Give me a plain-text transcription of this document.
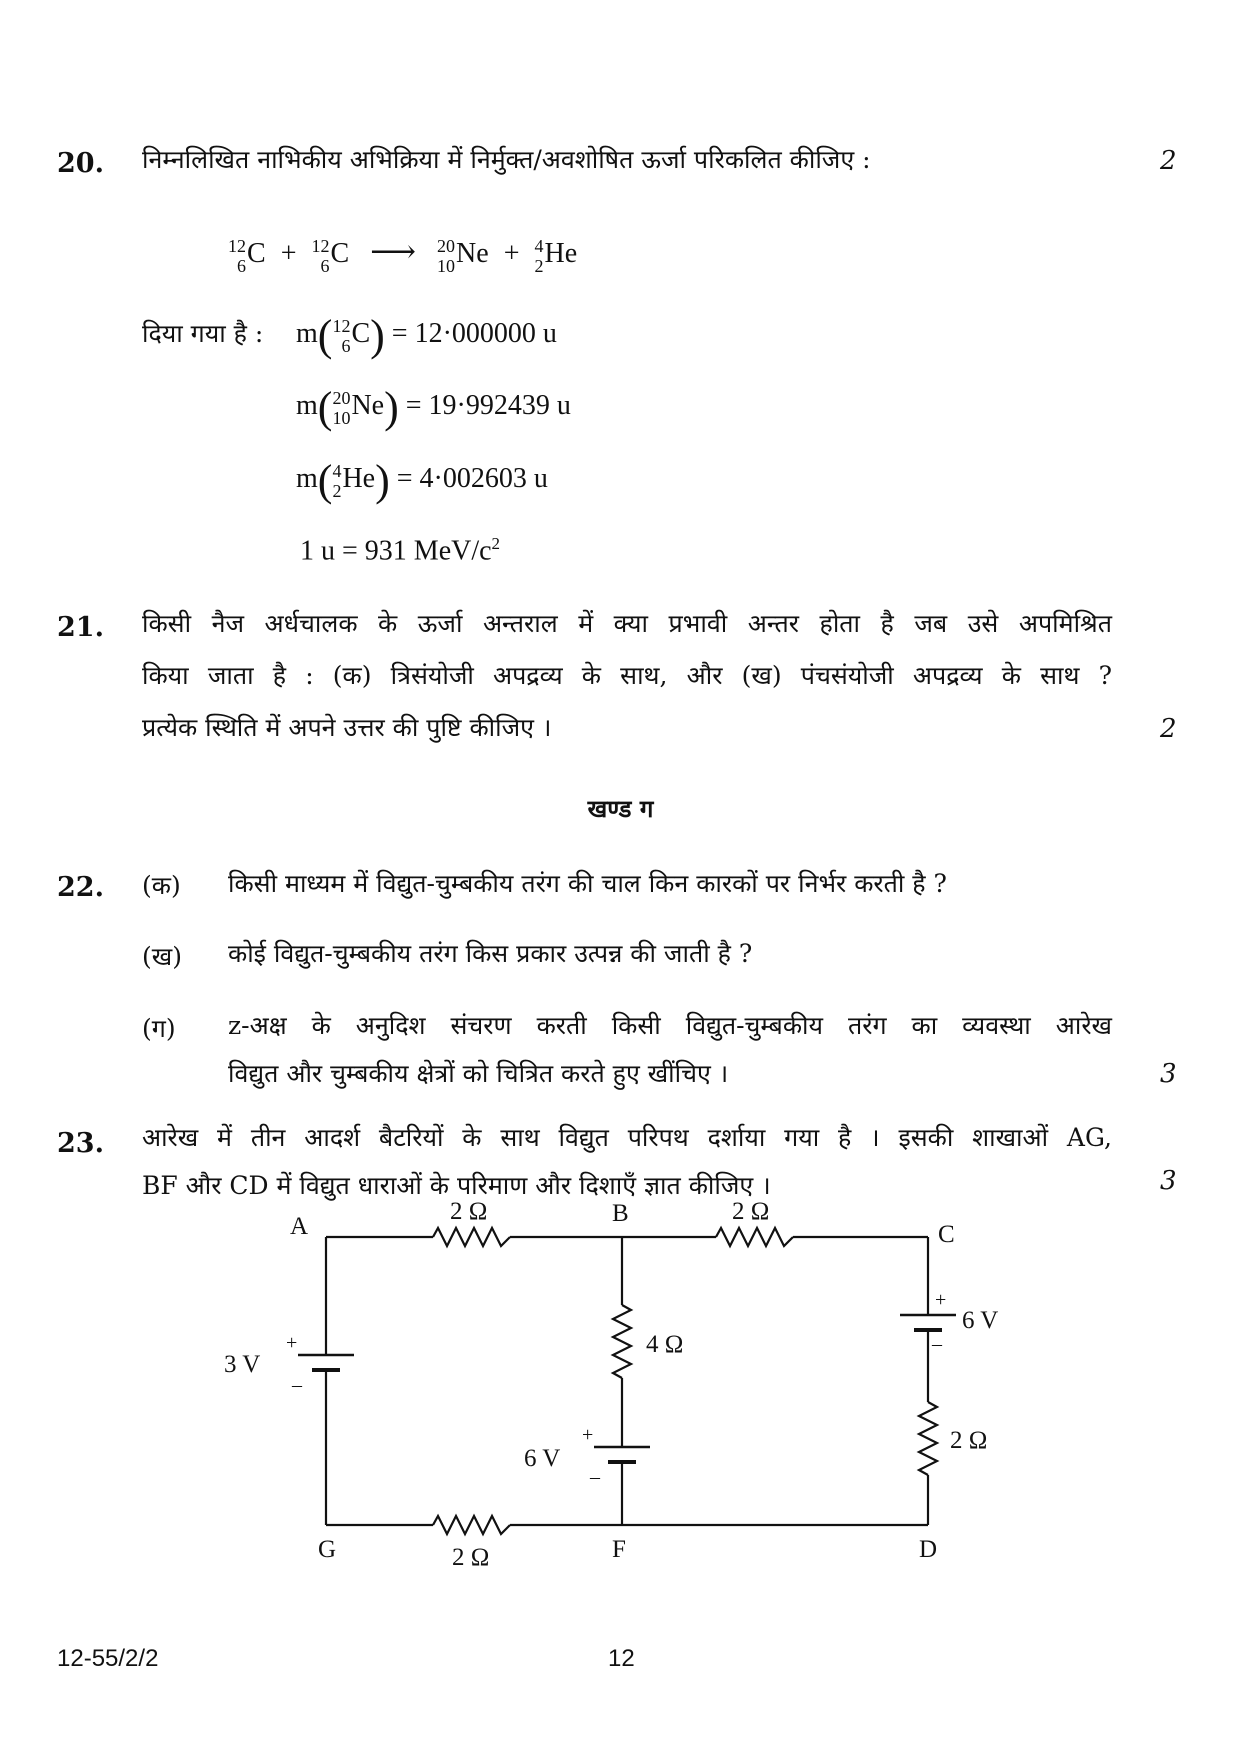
20. निम्नलिखित नाभिकीय अभिक्रिया में निर्मुक्त/अवशोषित ऊर्जा परिकलित कीजिए :	2
12
6 C + 12
6 C ⟶ 20
10 Ne + 4
2 He
दिया गया है : m( 12
6 C) = 12·000000 u
m( 20
10 Ne) = 19·992439 u
m( 4
2 He) = 4·002603 u
1 u = 931 MeV/$c^2$
21. किसी नैज अर्धचालक के ऊर्जा अन्तराल में क्या प्रभावी अन्तर होता है जब उसे अपमिश्रित
किया जाता है : (क) त्रिसंयोजी अपद्रव्य के साथ, और (ख) पंचसंयोजी अपद्रव्य के साथ ?
प्रत्येक स्थिति में अपने उत्तर की पुष्टि कीजिए ।	2
खण्ड ग
22. (क) किसी माध्यम में विद्युत-चुम्बकीय तरंग की चाल किन कारकों पर निर्भर करती है ?
(ख) कोई विद्युत-चुम्बकीय तरंग किस प्रकार उत्पन्न की जाती है ?
(ग) z-अक्ष के अनुदिश संचरण करती किसी विद्युत-चुम्बकीय तरंग का व्यवस्था आरेख
विद्युत और चुम्बकीय क्षेत्रों को चित्रित करते हुए खींचिए ।	3
23. आरेख में तीन आदर्श बैटरियों के साथ विद्युत परिपथ दर्शाया गया है । इसकी शाखाओं AG,
BF और CD में विद्युत धाराओं के परिमाण और दिशाएँ ज्ञात कीजिए ।	3
A	B
C
D
F
G
2 Ω	2 Ω
4 Ω
2 Ω
2 Ω
3 V
6 V
6 V
+
–
+
–
+
–
12-55/2/2	12
